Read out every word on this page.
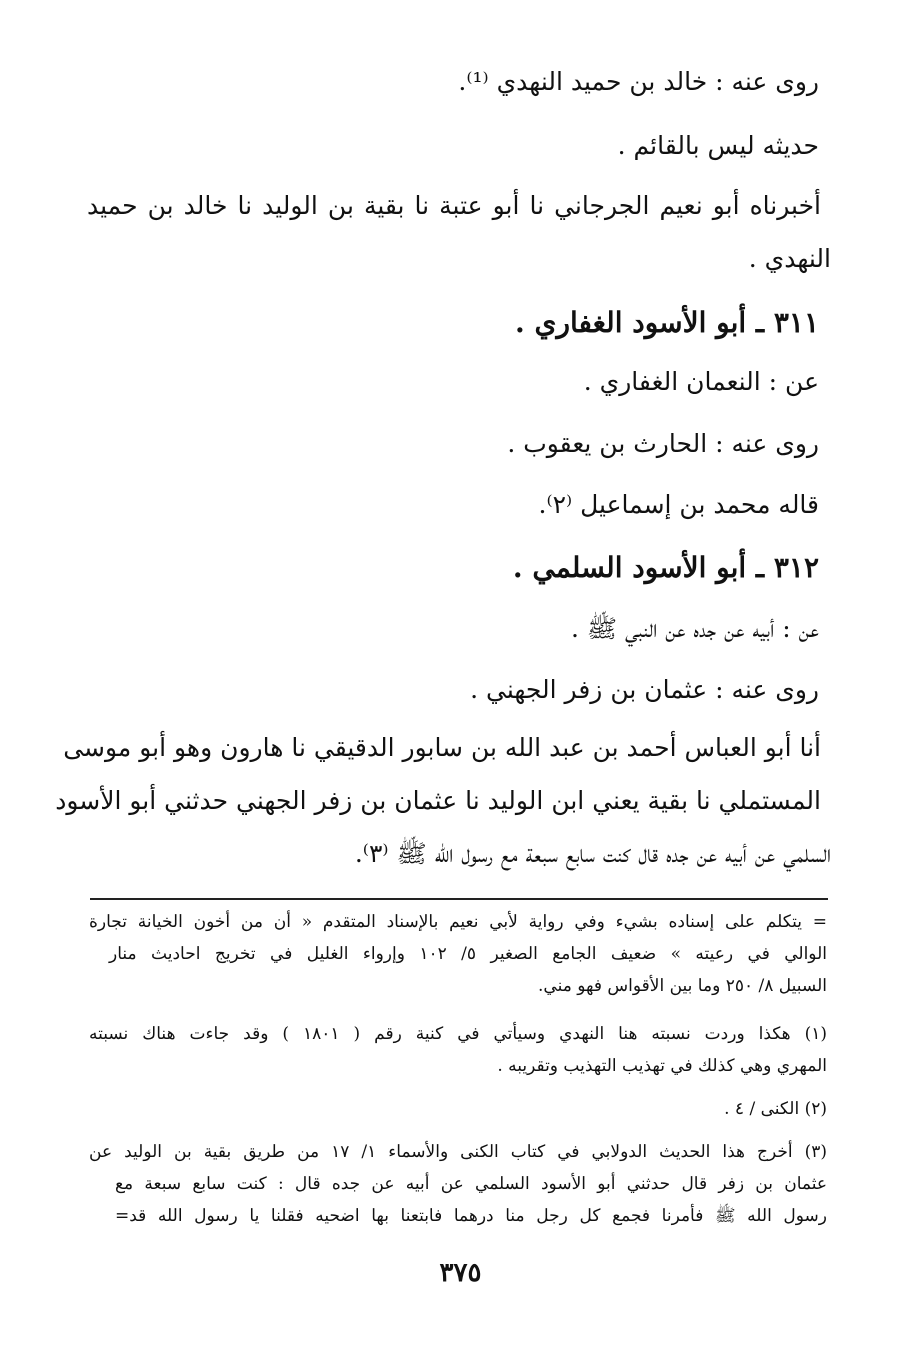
روى عنه : خالد بن حميد النهدي ⁽¹⁾.
حديثه ليس بالقائم .
أخبرناه أبو نعيم الجرجاني نا أبو عتبة نا بقية بن الوليد نا خالد بن حميد
النهدي .
٣١١ ـ أبو الأسود الغفاري .
عن : النعمان الغفاري .
روى عنه : الحارث بن يعقوب .
قاله محمد بن إسماعيل ⁽٢⁾.
٣١٢ ـ أبو الأسود السلمي .
عن : أبيه عن جده عن النبي ﷺ .
روى عنه : عثمان بن زفر الجهني .
أنا أبو العباس أحمد بن عبد الله بن سابور الدقيقي نا هارون وهو أبو موسى
المستملي نا بقية يعني ابن الوليد نا عثمان بن زفر الجهني حدثني أبو الأسود
السلمي عن أبيه عن جده قال كنت سابع سبعة مع رسول الله ﷺ ⁽٣⁾.
= يتكلم على إسناده بشيء وفي رواية لأبي نعيم بالإسناد المتقدم « أن من أخون الخيانة تجارة
الوالي في رعيته » ضعيف الجامع الصغير ٥/ ١٠٢ وإرواء الغليل في تخريج احاديث منار
السبيل ٨/ ٢٥٠ وما بين الأقواس فهو مني.
(١) هكذا وردت نسبته هنا النهدي وسيأتي في كنية رقم ( ١٨٠١ ) وقد جاءت هناك نسبته
المهري وهي كذلك في تهذيب التهذيب وتقريبه .
(٢) الكنى / ٤ .
(٣) أخرج هذا الحديث الدولابي في كتاب الكنى والأسماء ١/ ١٧ من طريق بقية بن الوليد عن
عثمان بن زفر قال حدثني أبو الأسود السلمي عن أبيه عن جده قال : كنت سابع سبعة مع
رسول الله ﷺ فأمرنا فجمع كل رجل منا درهما فابتعنا بها اضحيه فقلنا يا رسول الله قد=
٣٧٥
